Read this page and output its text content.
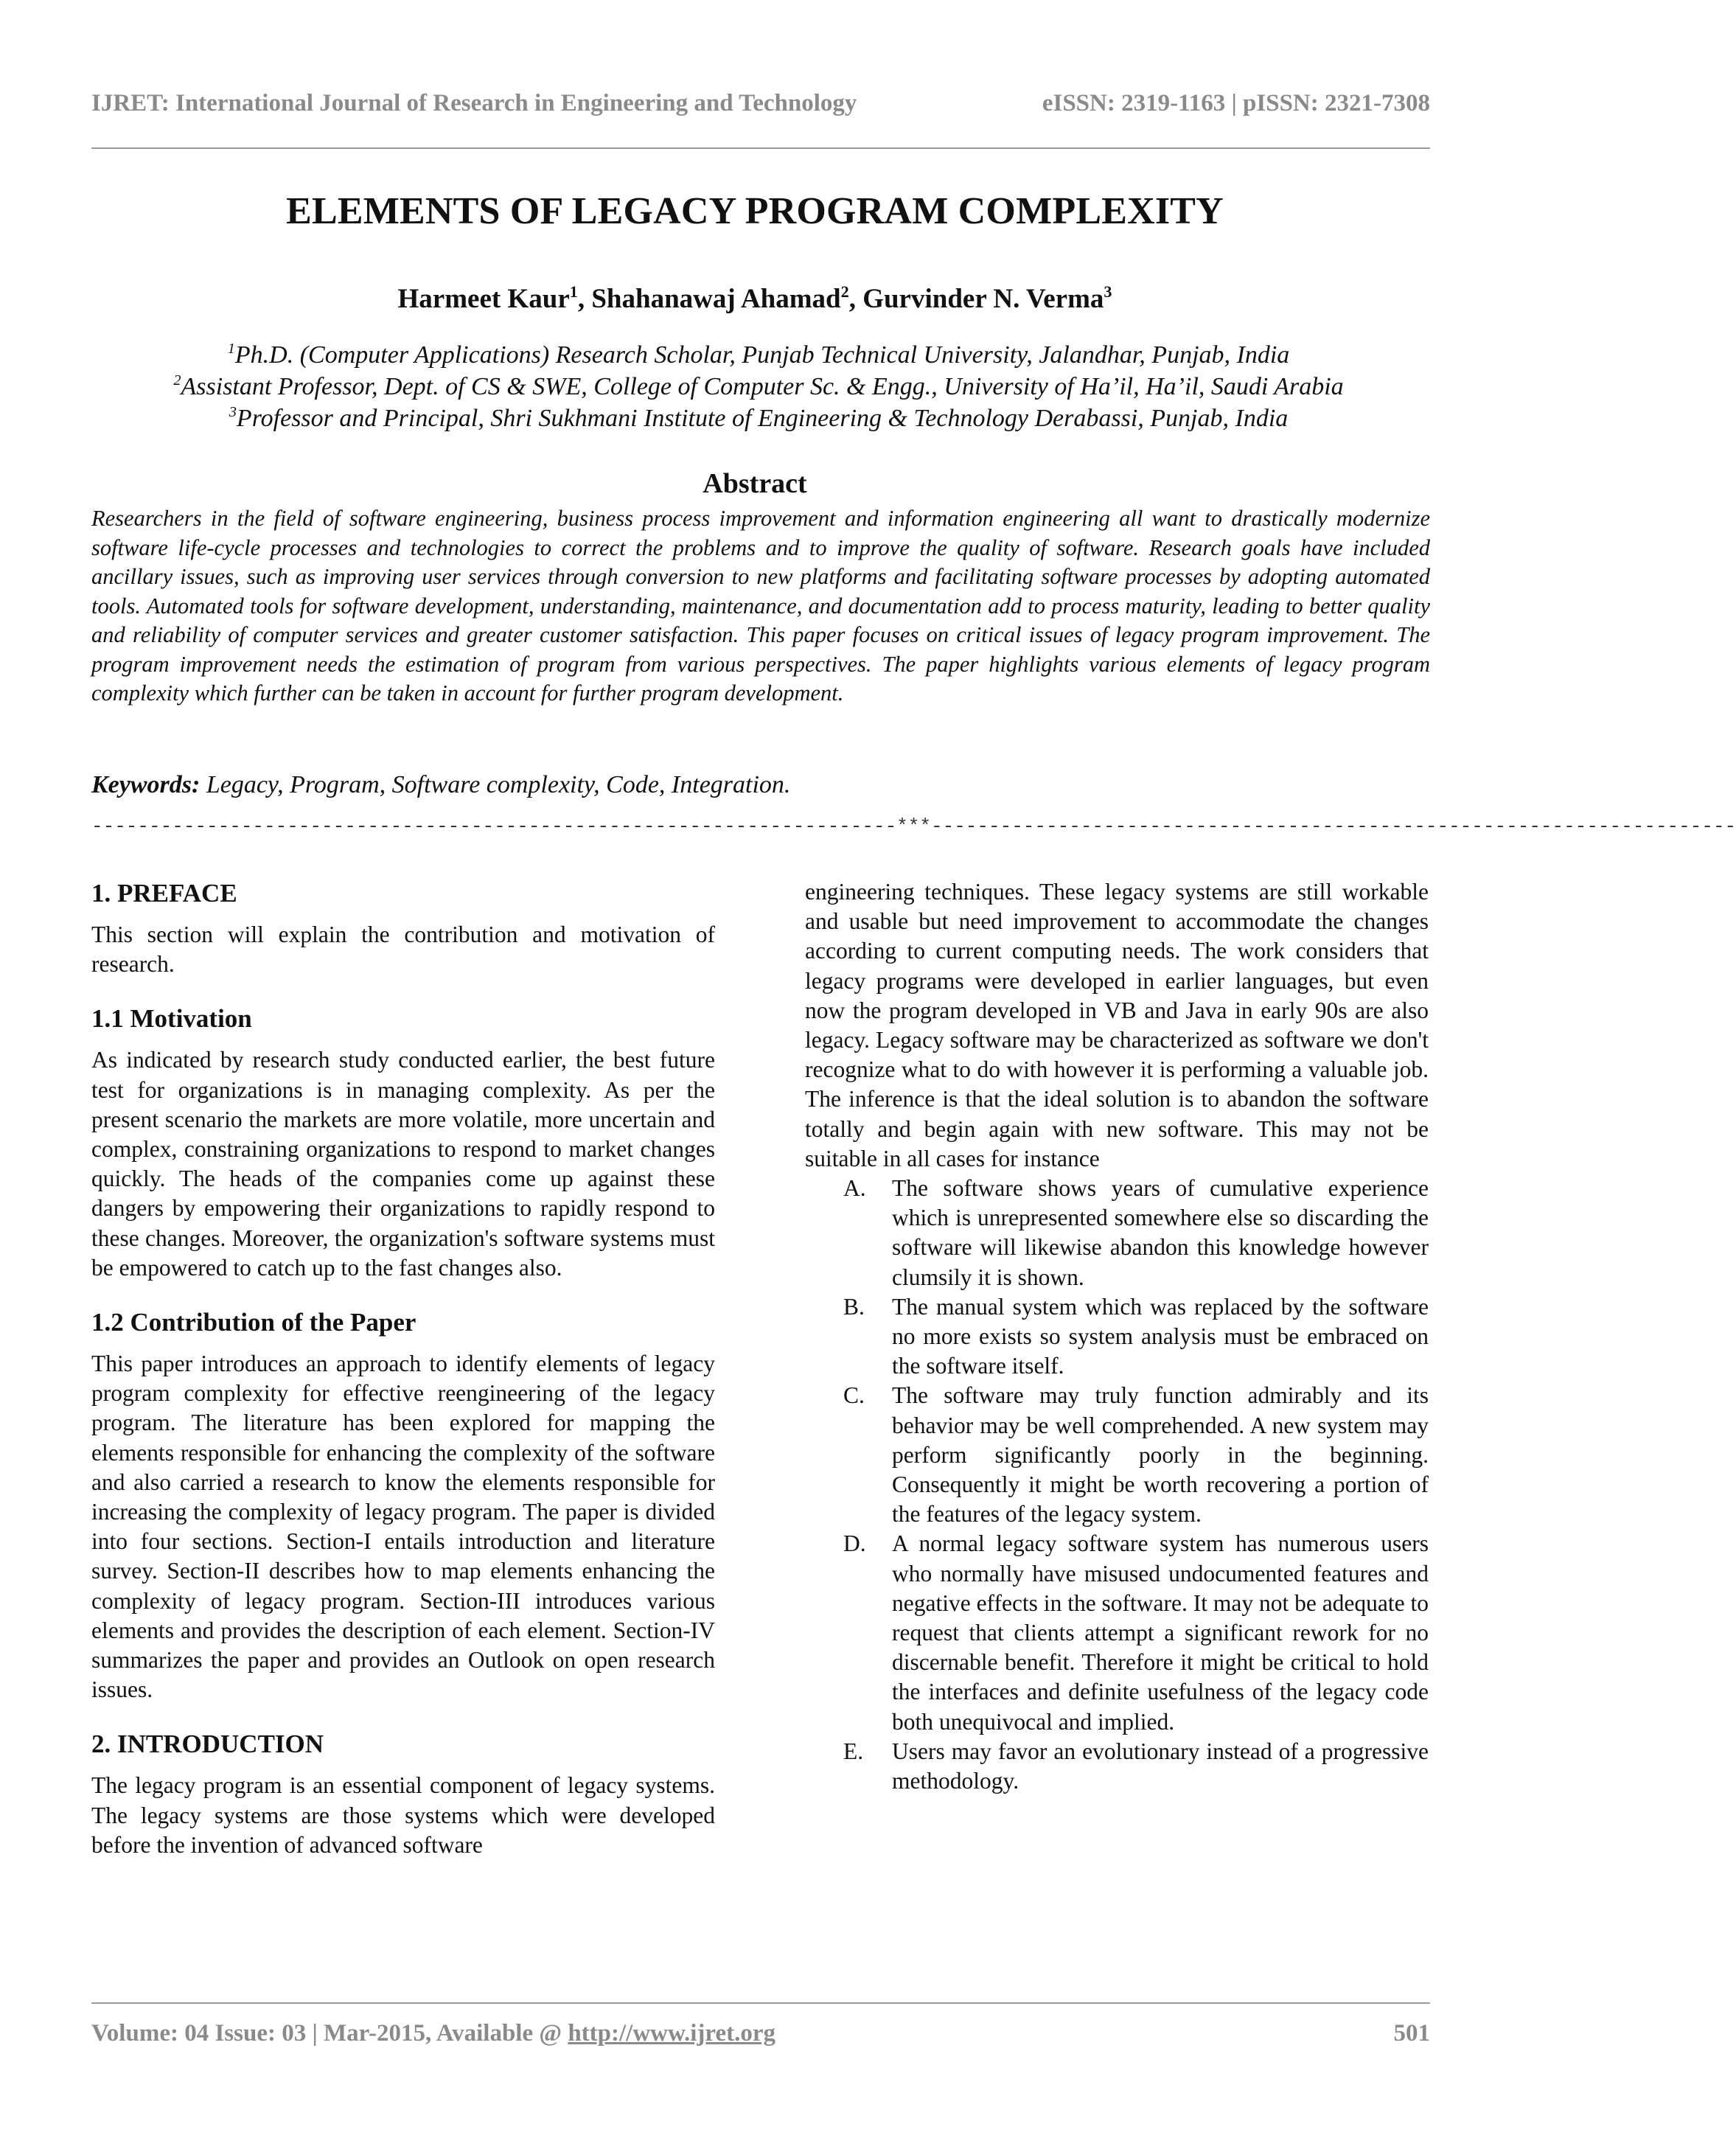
IJRET: International Journal of Research in Engineering and Technology	eISSN: 2319-1163 | pISSN: 2321-7308
ELEMENTS OF LEGACY PROGRAM COMPLEXITY
Harmeet Kaur$^1$, Shahanawaj Ahamad$^2$, Gurvinder N. Verma$^3$
$^1$Ph.D. (Computer Applications) Research Scholar, Punjab Technical University, Jalandhar, Punjab, India
$^2$Assistant Professor, Dept. of CS & SWE, College of Computer Sc. & Engg., University of Ha’il, Ha’il, Saudi Arabia
$^3$Professor and Principal, Shri Sukhmani Institute of Engineering & Technology Derabassi, Punjab, India
Abstract
Researchers in the field of software engineering, business process improvement and information engineering all want to drastically modernize software life-cycle processes and technologies to correct the problems and to improve the quality of software. Research goals have included ancillary issues, such as improving user services through conversion to new platforms and facilitating software processes by adopting automated tools. Automated tools for software development, understanding, maintenance, and documentation add to process maturity, leading to better quality and reliability of computer services and greater customer satisfaction. This paper focuses on critical issues of legacy program improvement. The program improvement needs the estimation of program from various perspectives. The paper highlights various elements of legacy program complexity which further can be taken in account for further program development.
Keywords: Legacy, Program, Software complexity, Code, Integration.
----------------------------------------------------------------------***----------------------------------------------------------------------
1. PREFACE

This section will explain the contribution and motivation of research.

1.1 Motivation

As indicated by research study conducted earlier, the best future test for organizations is in managing complexity. As per the present scenario the markets are more volatile, more uncertain and complex, constraining organizations to respond to market changes quickly. The heads of the companies come up against these dangers by empowering their organizations to rapidly respond to these changes. Moreover, the organization's software systems must be empowered to catch up to the fast changes also.

1.2 Contribution of the Paper

This paper introduces an approach to identify elements of legacy program complexity for effective reengineering of the legacy program. The literature has been explored for mapping the elements responsible for enhancing the complexity of the software and also carried a research to know the elements responsible for increasing the complexity of legacy program. The paper is divided into four sections. Section-I entails introduction and literature survey. Section-II describes how to map elements enhancing the complexity of legacy program. Section-III introduces various elements and provides the description of each element. Section-IV summarizes the paper and provides an Outlook on open research issues.

2. INTRODUCTION

The legacy program is an essential component of legacy systems. The legacy systems are those systems which were developed before the invention of advanced software

engineering techniques. These legacy systems are still workable and usable but need improvement to accommodate the changes according to current computing needs. The work considers that legacy programs were developed in earlier languages, but even now the program developed in VB and Java in early 90s are also legacy. Legacy software may be characterized as software we don't recognize what to do with however it is performing a valuable job. The inference is that the ideal solution is to abandon the software totally and begin again with new software. This may not be suitable in all cases for instance

A.	The software shows years of cumulative experience which is unrepresented somewhere else so discarding the software will likewise abandon this knowledge however clumsily it is shown.
B.	The manual system which was replaced by the software no more exists so system analysis must be embraced on the software itself.
C.	The software may truly function admirably and its behavior may be well comprehended. A new system may perform significantly poorly in the beginning. Consequently it might be worth recovering a portion of the features of the legacy system.
D.	A normal legacy software system has numerous users who normally have misused undocumented features and negative effects in the software. It may not be adequate to request that clients attempt a significant rework for no discernable benefit. Therefore it might be critical to hold the interfaces and definite usefulness of the legacy code both unequivocal and implied.
E.	Users may favor an evolutionary instead of a progressive methodology.
Volume: 04 Issue: 03 | Mar-2015, Available @ http://www.ijret.org	501
